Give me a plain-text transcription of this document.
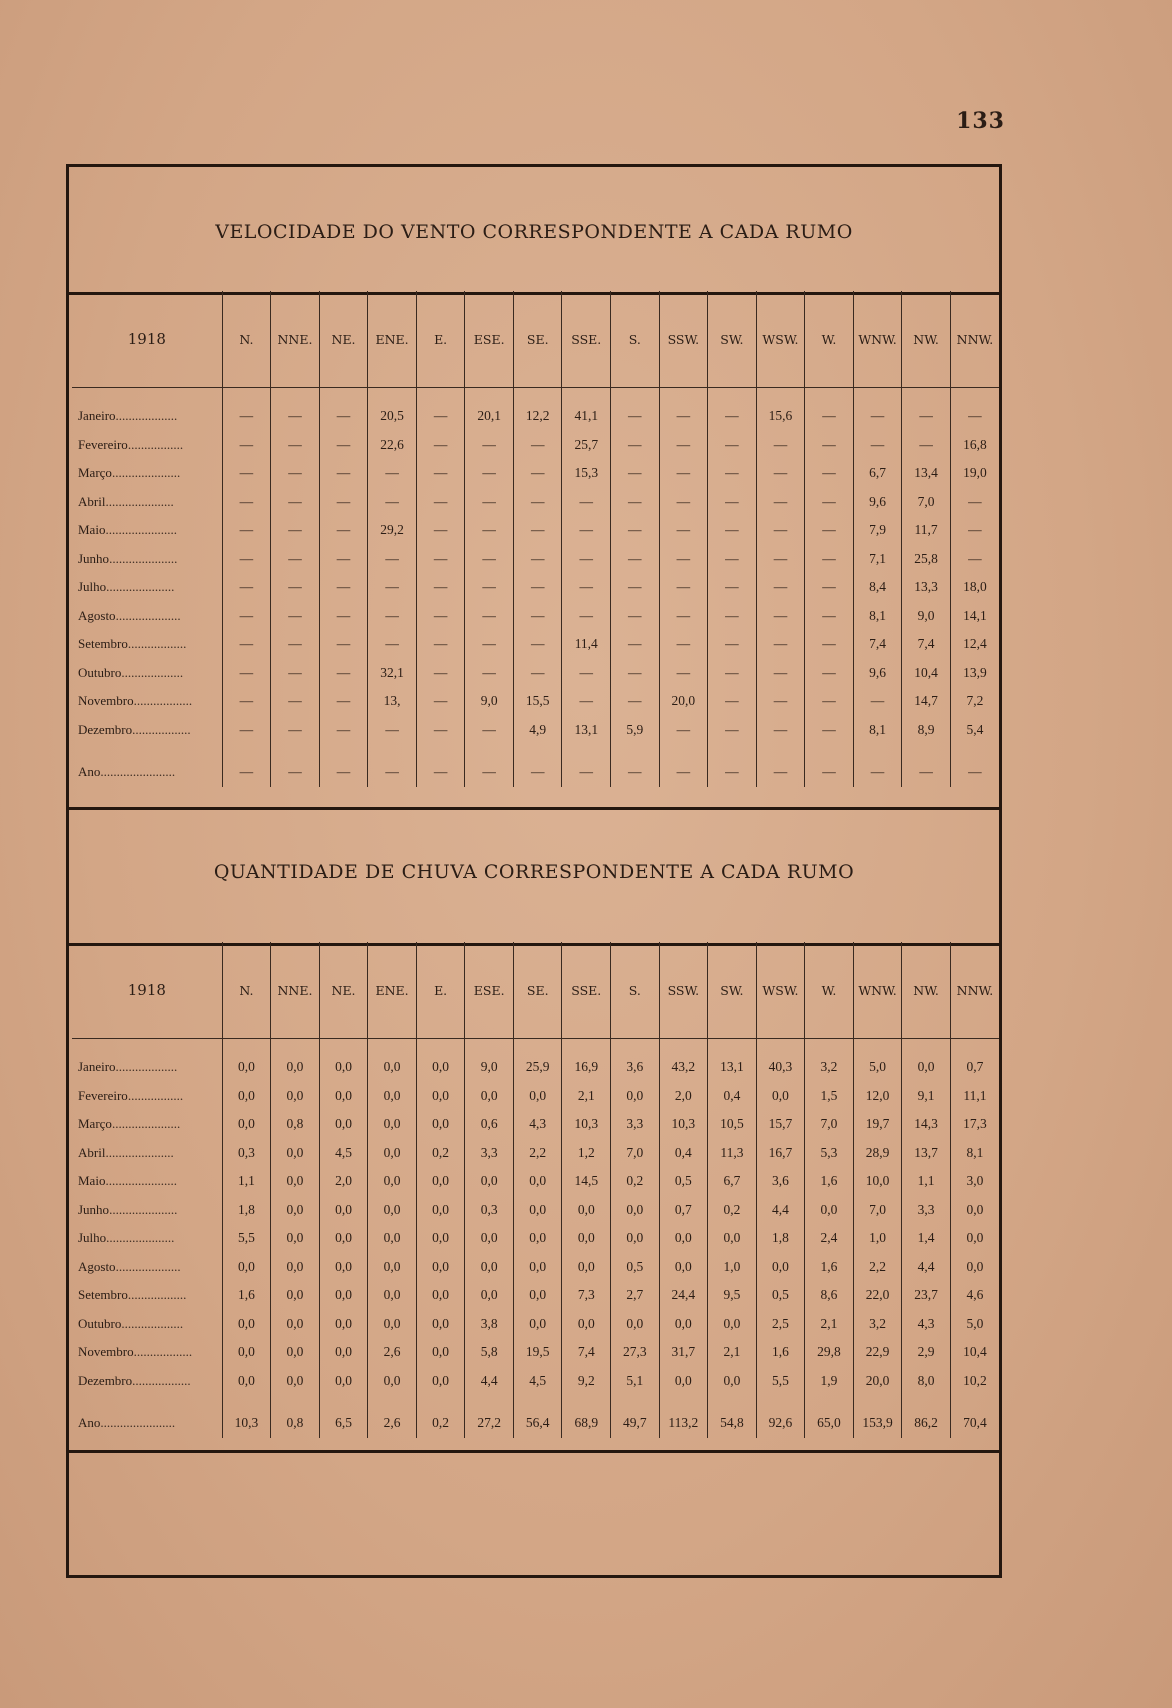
133
VELOCIDADE DO VENTO CORRESPONDENTE A CADA RUMO
1918	N.	NNE.	NE.	ENE.	E.	ESE.	SE.	SSE.	S.	SSW.	SW.	WSW.	W.	WNW.	NW.	NNW.

Janeiro...................	—	—	—	20,5	—	20,1	12,2	41,1	—	—	—	15,6	—	—	—	—
Fevereiro.................	—	—	—	22,6	—	—	—	25,7	—	—	—	—	—	—	—	16,8
Março.....................	—	—	—	—	—	—	—	15,3	—	—	—	—	—	6,7	13,4	19,0
Abril.....................	—	—	—	—	—	—	—	—	—	—	—	—	—	9,6	7,0	—
Maio......................	—	—	—	29,2	—	—	—	—	—	—	—	—	—	7,9	11,7	—
Junho.....................	—	—	—	—	—	—	—	—	—	—	—	—	—	7,1	25,8	—
Julho.....................	—	—	—	—	—	—	—	—	—	—	—	—	—	8,4	13,3	18,0
Agosto....................	—	—	—	—	—	—	—	—	—	—	—	—	—	8,1	9,0	14,1
Setembro..................	—	—	—	—	—	—	—	11,4	—	—	—	—	—	7,4	7,4	12,4
Outubro...................	—	—	—	32,1	—	—	—	—	—	—	—	—	—	9,6	10,4	13,9
Novembro..................	—	—	—	13,	—	9,0	15,5	—	—	20,0	—	—	—	—	14,7	7,2
Dezembro..................	—	—	—	—	—	—	4,9	13,1	5,9	—	—	—	—	8,1	8,9	5,4

Ano.......................	—	—	—	—	—	—	—	—	—	—	—	—	—	—	—	—
QUANTIDADE DE CHUVA CORRESPONDENTE A CADA RUMO
1918	N.	NNE.	NE.	ENE.	E.	ESE.	SE.	SSE.	S.	SSW.	SW.	WSW.	W.	WNW.	NW.	NNW.

Janeiro...................	0,0	0,0	0,0	0,0	0,0	9,0	25,9	16,9	3,6	43,2	13,1	40,3	3,2	5,0	0,0	0,7
Fevereiro.................	0,0	0,0	0,0	0,0	0,0	0,0	0,0	2,1	0,0	2,0	0,4	0,0	1,5	12,0	9,1	11,1
Março.....................	0,0	0,8	0,0	0,0	0,0	0,6	4,3	10,3	3,3	10,3	10,5	15,7	7,0	19,7	14,3	17,3
Abril.....................	0,3	0,0	4,5	0,0	0,2	3,3	2,2	1,2	7,0	0,4	11,3	16,7	5,3	28,9	13,7	8,1
Maio......................	1,1	0,0	2,0	0,0	0,0	0,0	0,0	14,5	0,2	0,5	6,7	3,6	1,6	10,0	1,1	3,0
Junho.....................	1,8	0,0	0,0	0,0	0,0	0,3	0,0	0,0	0,0	0,7	0,2	4,4	0,0	7,0	3,3	0,0
Julho.....................	5,5	0,0	0,0	0,0	0,0	0,0	0,0	0,0	0,0	0,0	0,0	1,8	2,4	1,0	1,4	0,0
Agosto....................	0,0	0,0	0,0	0,0	0,0	0,0	0,0	0,0	0,5	0,0	1,0	0,0	1,6	2,2	4,4	0,0
Setembro..................	1,6	0,0	0,0	0,0	0,0	0,0	0,0	7,3	2,7	24,4	9,5	0,5	8,6	22,0	23,7	4,6
Outubro...................	0,0	0,0	0,0	0,0	0,0	3,8	0,0	0,0	0,0	0,0	0,0	2,5	2,1	3,2	4,3	5,0
Novembro..................	0,0	0,0	0,0	2,6	0,0	5,8	19,5	7,4	27,3	31,7	2,1	1,6	29,8	22,9	2,9	10,4
Dezembro..................	0,0	0,0	0,0	0,0	0,0	4,4	4,5	9,2	5,1	0,0	0,0	5,5	1,9	20,0	8,0	10,2

Ano.......................	10,3	0,8	6,5	2,6	0,2	27,2	56,4	68,9	49,7	113,2	54,8	92,6	65,0	153,9	86,2	70,4
